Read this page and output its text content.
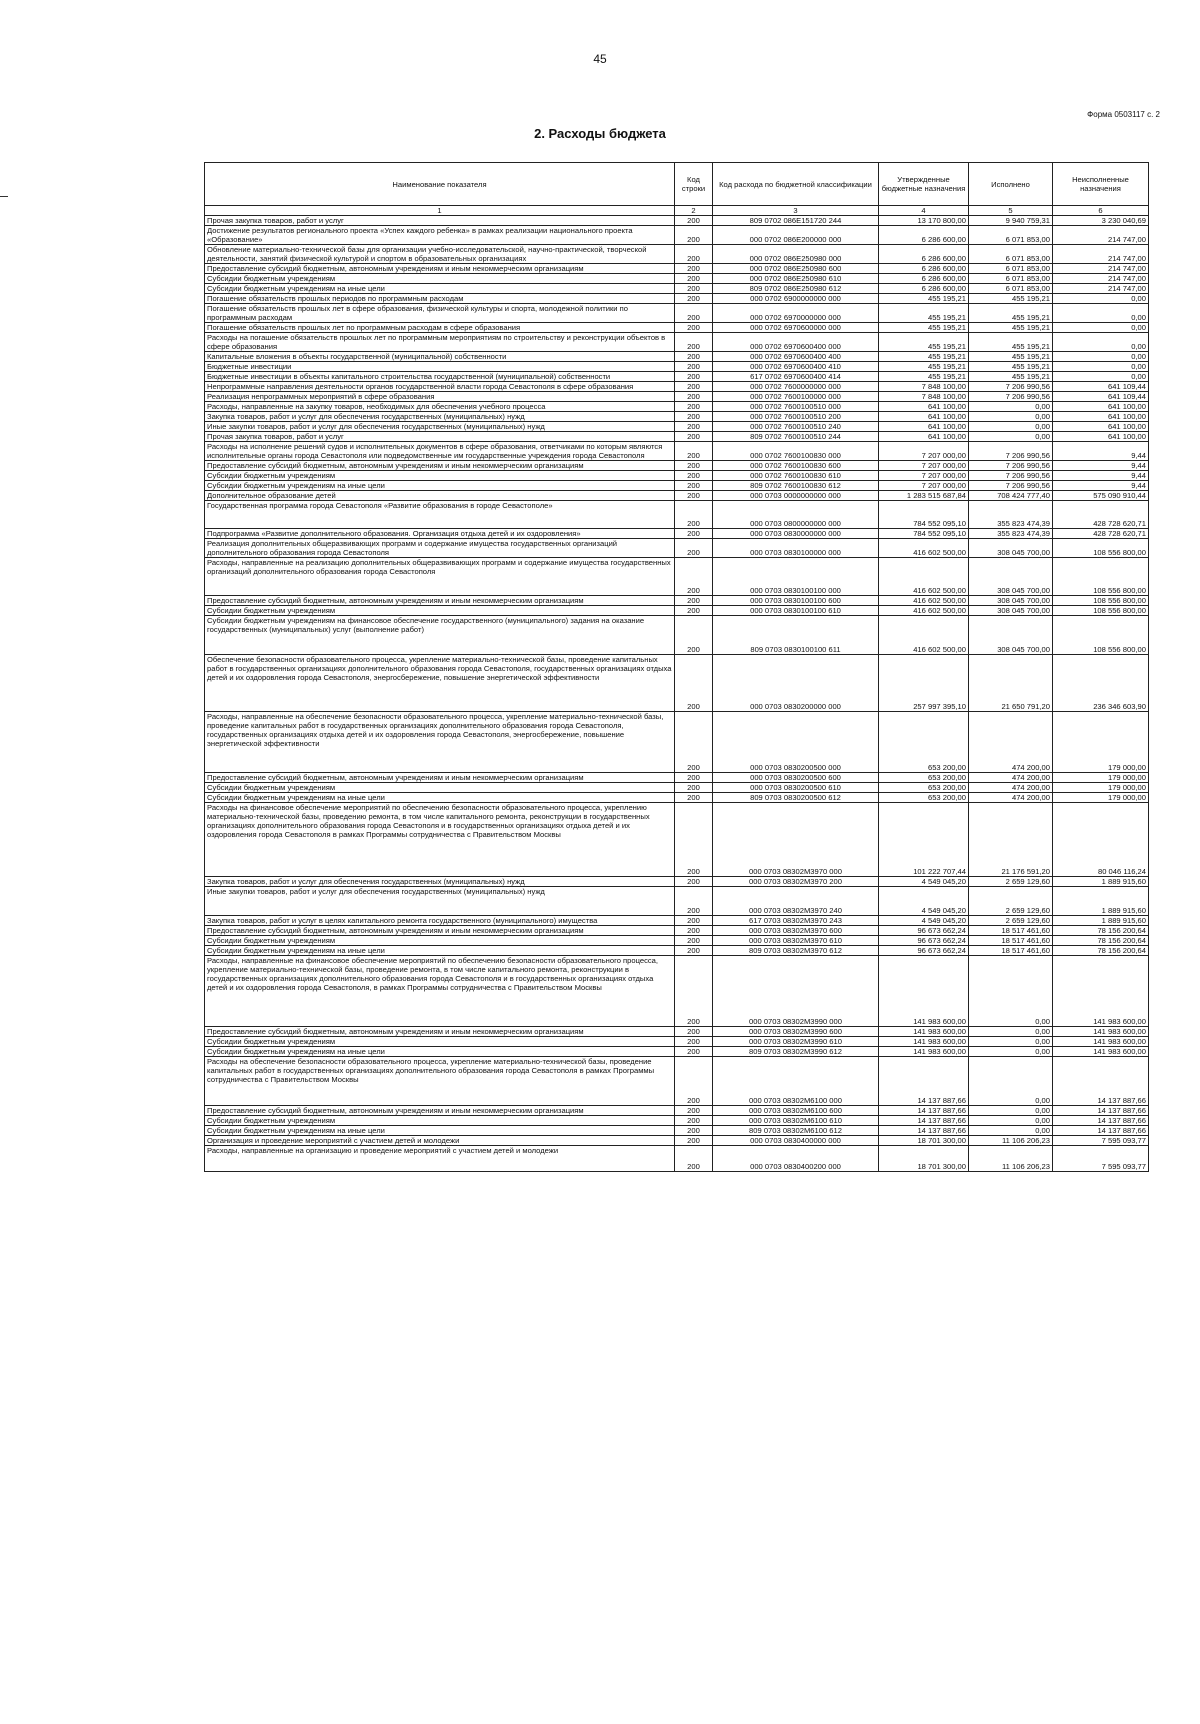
45
Форма 0503117 с. 2
2. Расходы бюджета
Наименование показателя	Код строки	Код расхода по бюджетной классификации	Утвержденные бюджетные назначения	Исполнено	Неисполненные назначения
1	2	3	4	5	6
Прочая закупка товаров, работ и услуг	200	809 0702 086E151720 244	13 170 800,00	9 940 759,31	3 230 040,69
Достижение результатов регионального проекта «Успех каждого ребенка» в рамках реализации национального проекта «Образование»	200	000 0702 086E200000 000	6 286 600,00	6 071 853,00	214 747,00
Обновление материально-технической базы для организации учебно-исследовательской, научно-практической, творческой деятельности, занятий физической культурой и спортом в образовательных организациях	200	000 0702 086E250980 000	6 286 600,00	6 071 853,00	214 747,00
Предоставление субсидий бюджетным, автономным учреждениям и иным некоммерческим организациям	200	000 0702 086E250980 600	6 286 600,00	6 071 853,00	214 747,00
Субсидии бюджетным учреждениям	200	000 0702 086E250980 610	6 286 600,00	6 071 853,00	214 747,00
Субсидии бюджетным учреждениям на иные цели	200	809 0702 086E250980 612	6 286 600,00	6 071 853,00	214 747,00
Погашение обязательств прошлых периодов по программным расходам	200	000 0702 6900000000 000	455 195,21	455 195,21	0,00
Погашение обязательств прошлых лет в сфере образования, физической культуры и спорта, молодежной политики по программным расходам	200	000 0702 6970000000 000	455 195,21	455 195,21	0,00
Погашение обязательств прошлых лет по программным расходам в сфере образования	200	000 0702 6970600000 000	455 195,21	455 195,21	0,00
Расходы на погашение обязательств прошлых лет по программным мероприятиям по строительству и реконструкции объектов в сфере образования	200	000 0702 6970600400 000	455 195,21	455 195,21	0,00
Капитальные вложения в объекты государственной (муниципальной) собственности	200	000 0702 6970600400 400	455 195,21	455 195,21	0,00
Бюджетные инвестиции	200	000 0702 6970600400 410	455 195,21	455 195,21	0,00
Бюджетные инвестиции в объекты капитального строительства государственной (муниципальной) собственности	200	617 0702 6970600400 414	455 195,21	455 195,21	0,00
Непрограммные направления деятельности органов государственной власти города Севастополя в сфере образования	200	000 0702 7600000000 000	7 848 100,00	7 206 990,56	641 109,44
Реализация непрограммных мероприятий в сфере образования	200	000 0702 7600100000 000	7 848 100,00	7 206 990,56	641 109,44
Расходы, направленные на закупку товаров, необходимых для обеспечения учебного процесса	200	000 0702 7600100510 000	641 100,00	0,00	641 100,00
Закупка товаров, работ и услуг для обеспечения государственных (муниципальных) нужд	200	000 0702 7600100510 200	641 100,00	0,00	641 100,00
Иные закупки товаров, работ и услуг для обеспечения государственных (муниципальных) нужд	200	000 0702 7600100510 240	641 100,00	0,00	641 100,00
Прочая закупка товаров, работ и услуг	200	809 0702 7600100510 244	641 100,00	0,00	641 100,00
Расходы на исполнение решений судов и исполнительных документов в сфере образования, ответчиками по которым являются исполнительные органы города Севастополя или подведомственные им государственные учреждения города Севастополя	200	000 0702 7600100830 000	7 207 000,00	7 206 990,56	9,44
Предоставление субсидий бюджетным, автономным учреждениям и иным некоммерческим организациям	200	000 0702 7600100830 600	7 207 000,00	7 206 990,56	9,44
Субсидии бюджетным учреждениям	200	000 0702 7600100830 610	7 207 000,00	7 206 990,56	9,44
Субсидии бюджетным учреждениям на иные цели	200	809 0702 7600100830 612	7 207 000,00	7 206 990,56	9,44
Дополнительное образование детей	200	000 0703 0000000000 000	1 283 515 687,84	708 424 777,40	575 090 910,44
Государственная программа города Севастополя «Развитие образования в городе Севастополе»	200	000 0703 0800000000 000	784 552 095,10	355 823 474,39	428 728 620,71
Подпрограмма «Развитие дополнительного образования. Организация отдыха детей и их оздоровления»	200	000 0703 0830000000 000	784 552 095,10	355 823 474,39	428 728 620,71
Реализация дополнительных общеразвивающих программ и содержание имущества государственных организаций дополнительного образования города Севастополя	200	000 0703 0830100000 000	416 602 500,00	308 045 700,00	108 556 800,00
Расходы, направленные на реализацию дополнительных общеразвивающих программ и содержание имущества государственных организаций дополнительного образования города Севастополя	200	000 0703 0830100100 000	416 602 500,00	308 045 700,00	108 556 800,00
Предоставление субсидий бюджетным, автономным учреждениям и иным некоммерческим организациям	200	000 0703 0830100100 600	416 602 500,00	308 045 700,00	108 556 800,00
Субсидии бюджетным учреждениям	200	000 0703 0830100100 610	416 602 500,00	308 045 700,00	108 556 800,00
Субсидии бюджетным учреждениям на финансовое обеспечение государственного (муниципального) задания на оказание государственных (муниципальных) услуг (выполнение работ)	200	809 0703 0830100100 611	416 602 500,00	308 045 700,00	108 556 800,00
Обеспечение безопасности образовательного процесса, укрепление материально-технической базы, проведение капитальных работ в государственных организациях дополнительного образования города Севастополя, государственных организациях отдыха детей и их оздоровления города Севастополя, энергосбережение, повышение энергетической эффективности	200	000 0703 0830200000 000	257 997 395,10	21 650 791,20	236 346 603,90
Расходы, направленные на обеспечение безопасности образовательного процесса, укрепление материально-технической базы, проведение капитальных работ в государственных организациях дополнительного образования города Севастополя, государственных организациях отдыха детей и их оздоровления города Севастополя, энергосбережение, повышение энергетической эффективности	200	000 0703 0830200500 000	653 200,00	474 200,00	179 000,00
Предоставление субсидий бюджетным, автономным учреждениям и иным некоммерческим организациям	200	000 0703 0830200500 600	653 200,00	474 200,00	179 000,00
Субсидии бюджетным учреждениям	200	000 0703 0830200500 610	653 200,00	474 200,00	179 000,00
Субсидии бюджетным учреждениям на иные цели	200	809 0703 0830200500 612	653 200,00	474 200,00	179 000,00
Расходы на финансовое обеспечение мероприятий по обеспечению безопасности образовательного процесса, укреплению материально-технической базы, проведению ремонта, в том числе капитального ремонта, реконструкции в государственных организациях дополнительного образования города Севастополя и в государственных организациях отдыха детей и их оздоровления города Севастополя в рамках Программы сотрудничества с Правительством Москвы	200	000 0703 08302М3970 000	101 222 707,44	21 176 591,20	80 046 116,24
Закупка товаров, работ и услуг для обеспечения государственных (муниципальных) нужд	200	000 0703 08302М3970 200	4 549 045,20	2 659 129,60	1 889 915,60
Иные закупки товаров, работ и услуг для обеспечения государственных (муниципальных) нужд	200	000 0703 08302М3970 240	4 549 045,20	2 659 129,60	1 889 915,60
Закупка товаров, работ и услуг в целях капитального ремонта государственного (муниципального) имущества	200	617 0703 08302М3970 243	4 549 045,20	2 659 129,60	1 889 915,60
Предоставление субсидий бюджетным, автономным учреждениям и иным некоммерческим организациям	200	000 0703 08302М3970 600	96 673 662,24	18 517 461,60	78 156 200,64
Субсидии бюджетным учреждениям	200	000 0703 08302М3970 610	96 673 662,24	18 517 461,60	78 156 200,64
Субсидии бюджетным учреждениям на иные цели	200	809 0703 08302М3970 612	96 673 662,24	18 517 461,60	78 156 200,64
Расходы, направленные на финансовое обеспечение мероприятий по обеспечению безопасности образовательного процесса, укрепление материально-технической базы, проведение ремонта, в том числе капитального ремонта, реконструкции в государственных организациях дополнительного образования города Севастополя и в государственных организациях отдыха детей и их оздоровления города Севастополя, в рамках Программы сотрудничества с Правительством Москвы	200	000 0703 08302М3990 000	141 983 600,00	0,00	141 983 600,00
Предоставление субсидий бюджетным, автономным учреждениям и иным некоммерческим организациям	200	000 0703 08302М3990 600	141 983 600,00	0,00	141 983 600,00
Субсидии бюджетным учреждениям	200	000 0703 08302М3990 610	141 983 600,00	0,00	141 983 600,00
Субсидии бюджетным учреждениям на иные цели	200	809 0703 08302М3990 612	141 983 600,00	0,00	141 983 600,00
Расходы на обеспечение безопасности образовательного процесса, укрепление материально-технической базы, проведение капитальных работ в государственных организациях дополнительного образования города Севастополя в рамках Программы сотрудничества с Правительством Москвы	200	000 0703 08302М6100 000	14 137 887,66	0,00	14 137 887,66
Предоставление субсидий бюджетным, автономным учреждениям и иным некоммерческим организациям	200	000 0703 08302М6100 600	14 137 887,66	0,00	14 137 887,66
Субсидии бюджетным учреждениям	200	000 0703 08302М6100 610	14 137 887,66	0,00	14 137 887,66
Субсидии бюджетным учреждениям на иные цели	200	809 0703 08302М6100 612	14 137 887,66	0,00	14 137 887,66
Организация и проведение мероприятий с участием детей и молодежи	200	000 0703 0830400000 000	18 701 300,00	11 106 206,23	7 595 093,77
Расходы, направленные на организацию и проведение мероприятий с участием детей и молодежи	200	000 0703 0830400200 000	18 701 300,00	11 106 206,23	7 595 093,77
